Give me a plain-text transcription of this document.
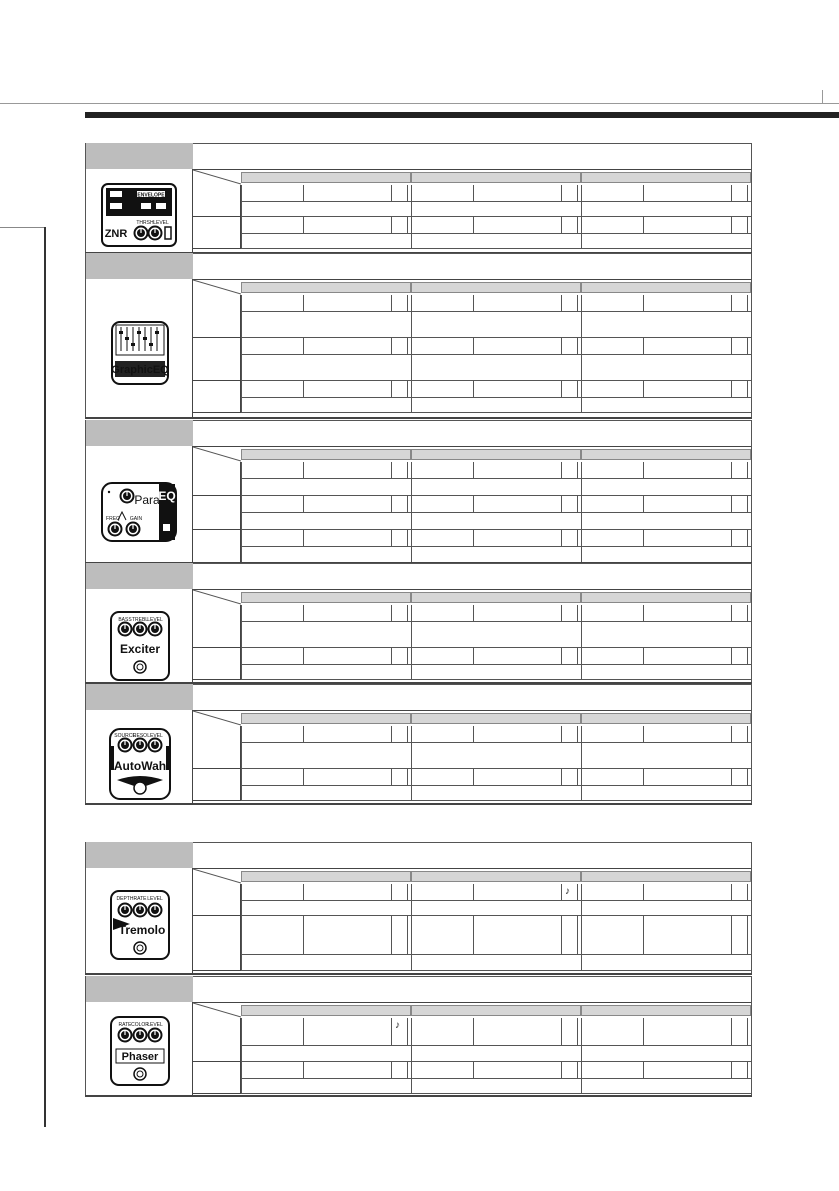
ENVELOPE
THRSH LEVEL
ZNR
GraphicEQ
Para
EQ
FREQ GAIN
BASS TREBL LEVEL
Exciter
SOURCE
RESO LEVEL
AutoWah
DEPTH RATE LEVEL
Tremolo
♪
RATE COLOR
LEVEL
Phaser
♪
